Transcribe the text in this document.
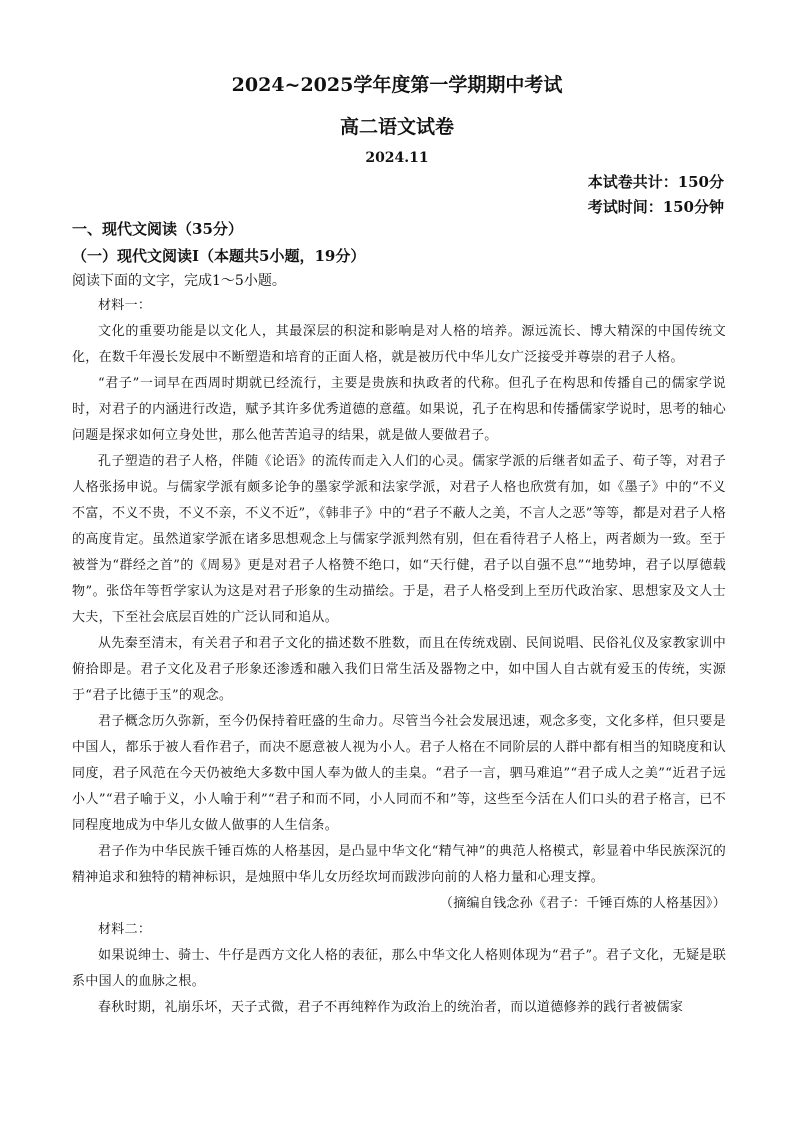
2024~2025学年度第一学期期中考试
高二语文试卷
2024.11
本试卷共计：150分
考试时间：150分钟
一、现代文阅读（35分）
（一）现代文阅读Ⅰ（本题共5小题，19分）
阅读下面的文字，完成1～5小题。

材料一：

文化的重要功能是以文化人，其最深层的积淀和影响是对人格的培养。源远流长、博大精深的中国传统文化，在数千年漫长发展中不断塑造和培育的正面人格，就是被历代中华儿女广泛接受并尊崇的君子人格。

“君子”一词早在西周时期就已经流行，主要是贵族和执政者的代称。但孔子在构思和传播自己的儒家学说时，对君子的内涵进行改造，赋予其许多优秀道德的意蕴。如果说，孔子在构思和传播儒家学说时，思考的轴心问题是探求如何立身处世，那么他苦苦追寻的结果，就是做人要做君子。

孔子塑造的君子人格，伴随《论语》的流传而走入人们的心灵。儒家学派的后继者如孟子、荀子等，对君子人格张扬申说。与儒家学派有颇多论争的墨家学派和法家学派，对君子人格也欣赏有加，如《墨子》中的“不义不富，不义不贵，不义不亲，不义不近”，《韩非子》中的“君子不蔽人之美，不言人之恶”等等，都是对君子人格的高度肯定。虽然道家学派在诸多思想观念上与儒家学派判然有别，但在看待君子人格上，两者颇为一致。至于被誉为“群经之首”的《周易》更是对君子人格赞不绝口，如“天行健，君子以自强不息”“地势坤，君子以厚德载物”。张岱年等哲学家认为这是对君子形象的生动描绘。于是，君子人格受到上至历代政治家、思想家及文人士大夫，下至社会底层百姓的广泛认同和追从。

从先秦至清末，有关君子和君子文化的描述数不胜数，而且在传统戏剧、民间说唱、民俗礼仪及家教家训中俯拾即是。君子文化及君子形象还渗透和融入我们日常生活及器物之中，如中国人自古就有爱玉的传统，实源于“君子比德于玉”的观念。

君子概念历久弥新，至今仍保持着旺盛的生命力。尽管当今社会发展迅速，观念多变，文化多样，但只要是中国人，都乐于被人看作君子，而决不愿意被人视为小人。君子人格在不同阶层的人群中都有相当的知晓度和认同度，君子风范在今天仍被绝大多数中国人奉为做人的圭臬。“君子一言，驷马难追”“君子成人之美”“近君子远小人”“君子喻于义，小人喻于利”“君子和而不同，小人同而不和”等，这些至今活在人们口头的君子格言，已不同程度地成为中华儿女做人做事的人生信条。

君子作为中华民族千锤百炼的人格基因，是凸显中华文化“精气神”的典范人格模式，彰显着中华民族深沉的精神追求和独特的精神标识，是烛照中华儿女历经坎坷而跋涉向前的人格力量和心理支撑。

（摘编自钱念孙《君子：千锤百炼的人格基因》）

材料二：

如果说绅士、骑士、牛仔是西方文化人格的表征，那么中华文化人格则体现为“君子”。君子文化，无疑是联系中国人的血脉之根。

春秋时期，礼崩乐坏，天子式微，君子不再纯粹作为政治上的统治者，而以道德修养的践行者被儒家
